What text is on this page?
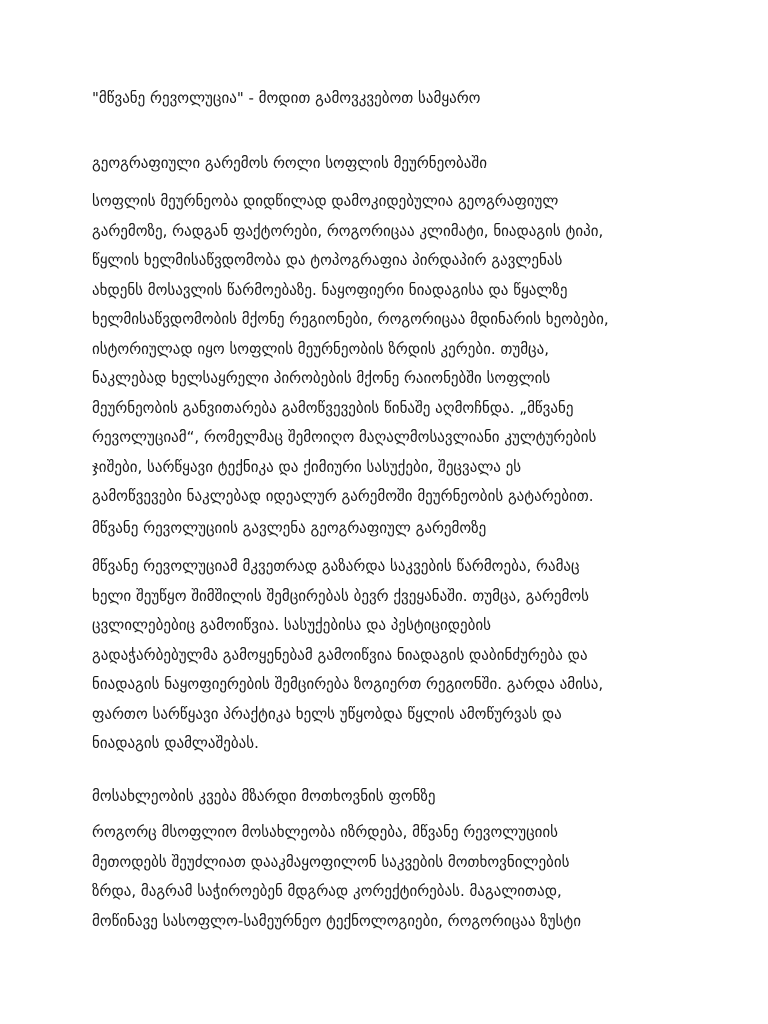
"მწვანე რევოლუცია" - მოდით გამოვკვებოთ სამყარო
გეოგრაფიული გარემოს როლი სოფლის მეურნეობაში
სოფლის მეურნეობა დიდწილად დამოკიდებულია გეოგრაფიულ
გარემოზე, რადგან ფაქტორები, როგორიცაა კლიმატი, ნიადაგის ტიპი,
წყლის ხელმისაწვდომობა და ტოპოგრაფია პირდაპირ გავლენას
ახდენს მოსავლის წარმოებაზე. ნაყოფიერი ნიადაგისა და წყალზე
ხელმისაწვდომობის მქონე რეგიონები, როგორიცაა მდინარის ხეობები,
ისტორიულად იყო სოფლის მეურნეობის ზრდის კერები. თუმცა,
ნაკლებად ხელსაყრელი პირობების მქონე რაიონებში სოფლის
მეურნეობის განვითარება გამოწვევების წინაშე აღმოჩნდა. „მწვანე
რევოლუციამ“, რომელმაც შემოიღო მაღალმოსავლიანი კულტურების
ჯიშები, სარწყავი ტექნიკა და ქიმიური სასუქები, შეცვალა ეს
გამოწვევები ნაკლებად იდეალურ გარემოში მეურნეობის გატარებით.
მწვანე რევოლუციის გავლენა გეოგრაფიულ გარემოზე
მწვანე რევოლუციამ მკვეთრად გაზარდა საკვების წარმოება, რამაც
ხელი შეუწყო შიმშილის შემცირებას ბევრ ქვეყანაში. თუმცა, გარემოს
ცვლილებებიც გამოიწვია. სასუქებისა და პესტიციდების
გადაჭარბებულმა გამოყენებამ გამოიწვია ნიადაგის დაბინძურება და
ნიადაგის ნაყოფიერების შემცირება ზოგიერთ რეგიონში. გარდა ამისა,
ფართო სარწყავი პრაქტიკა ხელს უწყობდა წყლის ამოწურვას და
ნიადაგის დამლაშებას.
მოსახლეობის კვება მზარდი მოთხოვნის ფონზე
როგორც მსოფლიო მოსახლეობა იზრდება, მწვანე რევოლუციის
მეთოდებს შეუძლიათ დააკმაყოფილონ საკვების მოთხოვნილების
ზრდა, მაგრამ საჭიროებენ მდგრად კორექტირებას. მაგალითად,
მოწინავე სასოფლო-სამეურნეო ტექნოლოგიები, როგორიცაა ზუსტი
